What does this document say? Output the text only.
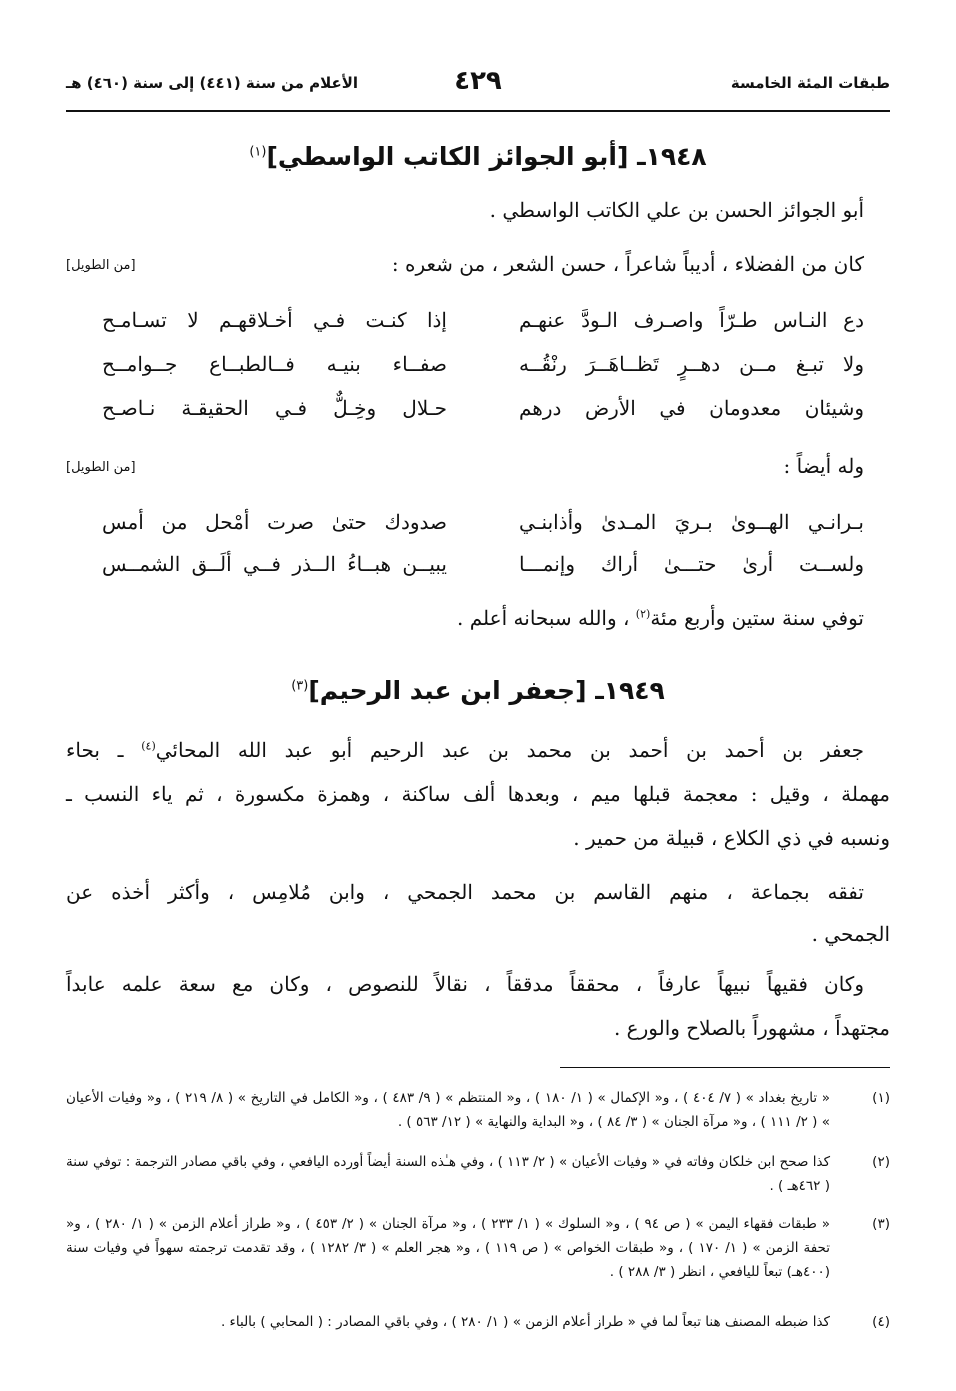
طبقات المئة الخامسة
٤٢٩
الأعلام من سنة (٤٤١) إلى سنة (٤٦٠) هـ
١٩٤٨ـ [أبو الجوائز الكاتب الواسطي]$^{(١)}$
أبو الجوائز الحسن بن علي الكاتب الواسطي .
كان من الفضلاء ، أديباً شاعراً ، حسن الشعر ، من شعره :
[من الطويل]
دع النـاس طـرّاً واصـرف الـودَّ عنهـم
إذا كنـت فـي أخـلاقهـم لا تسـامـح
ولا تبـغ مــن دهــرٍ تَظــاهَــرَ رنْقُــه
صفــاء بنيـه فــالطبــاع جــوامــح
وشيئان معدومان في الأرض درهم
حـلال وخِـلٌّ فـي الحقيقـة نـاصـح
وله أيضاً :
[من الطويل]
بـرانـي الهــوىٰ بـريَ المـدىٰ وأذابنـي
صدودك حتىٰ صرت أمْحل من أمس
ولســت أرىٰ حتـــىٰ أراك وإنمـــا
يبيــن هبــاءُ الــذر فــي ألَــق الشمــس
توفي سنة ستين وأربع مئة$^{(٢)}$ ، والله سبحانه أعلم .
١٩٤٩ـ [جعفر ابن عبد الرحيم]$^{(٣)}$
جعفر بن أحمد بن أحمد بن محمد بن عبد الرحيم أبو عبد الله المحائي$^{(٤)}$ ـ بحاء
مهملة ، وقيل : معجمة قبلها ميم ، وبعدها ألف ساكنة ، وهمزة مكسورة ، ثم ياء النسب ـ
ونسبه في ذي الكلاع ، قبيلة من حمير .
تفقه بجماعة ، منهم القاسم بن محمد الجمحي ، وابن مُلامِس ، وأكثر أخذه عن
الجمحي .
وكان فقيهاً نبيهاً عارفاً ، محققاً مدققاً ، نقالاً للنصوص ، وكان مع سعة علمه عابداً
مجتهداً ، مشهوراً بالصلاح والورع .
(١)
« تاريخ بغداد » ( ٧/ ٤٠٤ ) ، و« الإكمال » ( ١/ ١٨٠ ) ، و« المنتظم » ( ٩/ ٤٨٣ ) ، و« الكامل في التاريخ » ( ٨/ ٢١٩ ) ، و« وفيات الأعيان » ( ٢/ ١١١ ) ، و« مرآة الجنان » ( ٣/ ٨٤ ) ، و« البداية والنهاية » ( ١٢/ ٥٦٣ ) .
(٢)
كذا صحح ابن خلكان وفاته في « وفيات الأعيان » ( ٢/ ١١٣ ) ، وفي هـٰذه السنة أيضاً أورده اليافعي ، وفي باقي مصادر الترجمة : توفي سنة ( ٤٦٢هـ ) .
(٣)
« طبقات فقهاء اليمن » ( ص ٩٤ ) ، و« السلوك » ( ١/ ٢٣٣ ) ، و« مرآة الجنان » ( ٢/ ٤٥٣ ) ، و« طراز أعلام الزمن » ( ١/ ٢٨٠ ) ، و« تحفة الزمن » ( ١/ ١٧٠ ) ، و« طبقات الخواص » ( ص ١١٩ ) ، و« هجر العلم » ( ٣/ ١٢٨٢ ) ، وقد تقدمت ترجمته سهواً في وفيات سنة (٤٠٠هـ) تبعاً لليافعي ، انظر ( ٣/ ٢٨٨ ) .
(٤)
كذا ضبطه المصنف هنا تبعاً لما في « طراز أعلام الزمن » ( ١/ ٢٨٠ ) ، وفي باقي المصادر : ( المحابي ) بالباء .
